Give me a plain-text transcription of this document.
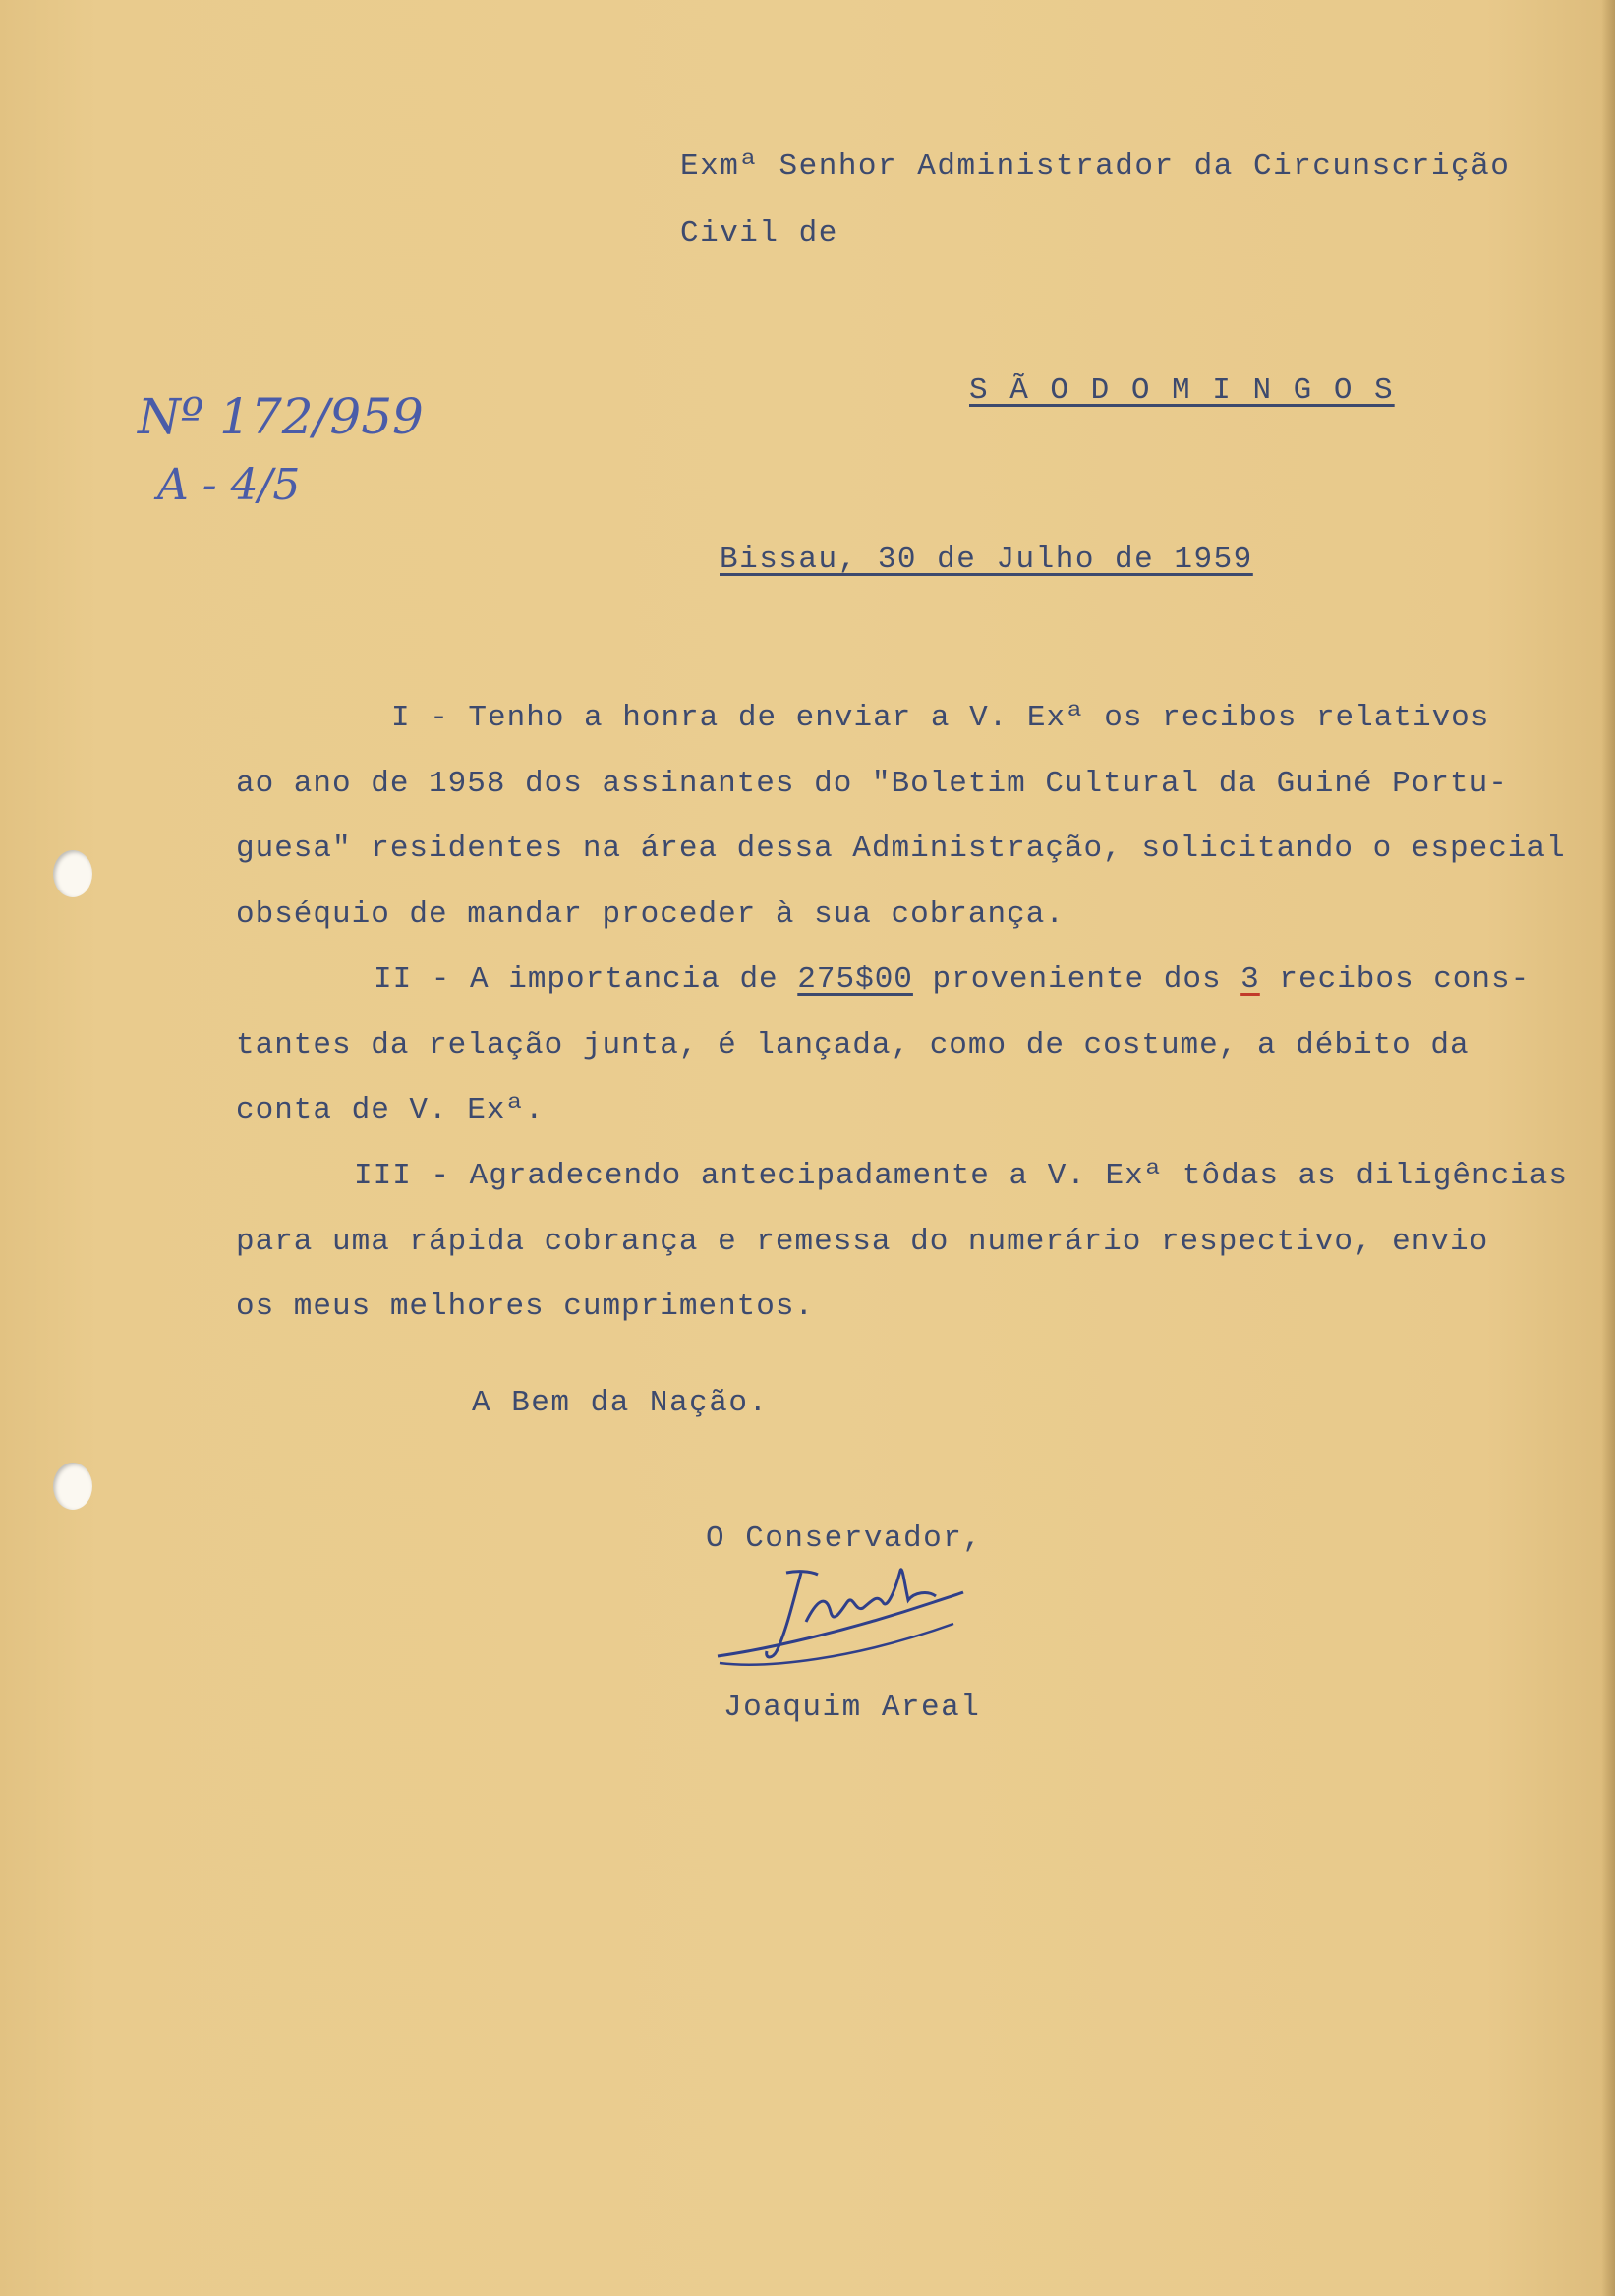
Exmª Senhor Administrador da Circunscrição
Civil de
S Ã O D O M I N G O S
Nº 172/959
A - 4/5
Bissau, 30 de Julho de 1959

I - Tenho a honra de enviar a V. Exª os recibos relativos

ao ano de 1958 dos assinantes do "Boletim Cultural da Guiné Portu-

guesa" residentes na área dessa Administração, solicitando o especial

obséquio de mandar proceder à sua cobrança.

II - A importancia de 275$00 proveniente dos 3 recibos cons-

tantes da relação junta, é lançada, como de costume, a débito da

conta de V. Exª.

III - Agradecendo antecipadamente a V. Exª tôdas as diligências

para uma rápida cobrança e remessa do numerário respectivo, envio

os meus melhores cumprimentos.

A Bem da Nação.
O Conservador,
Joaquim Areal
